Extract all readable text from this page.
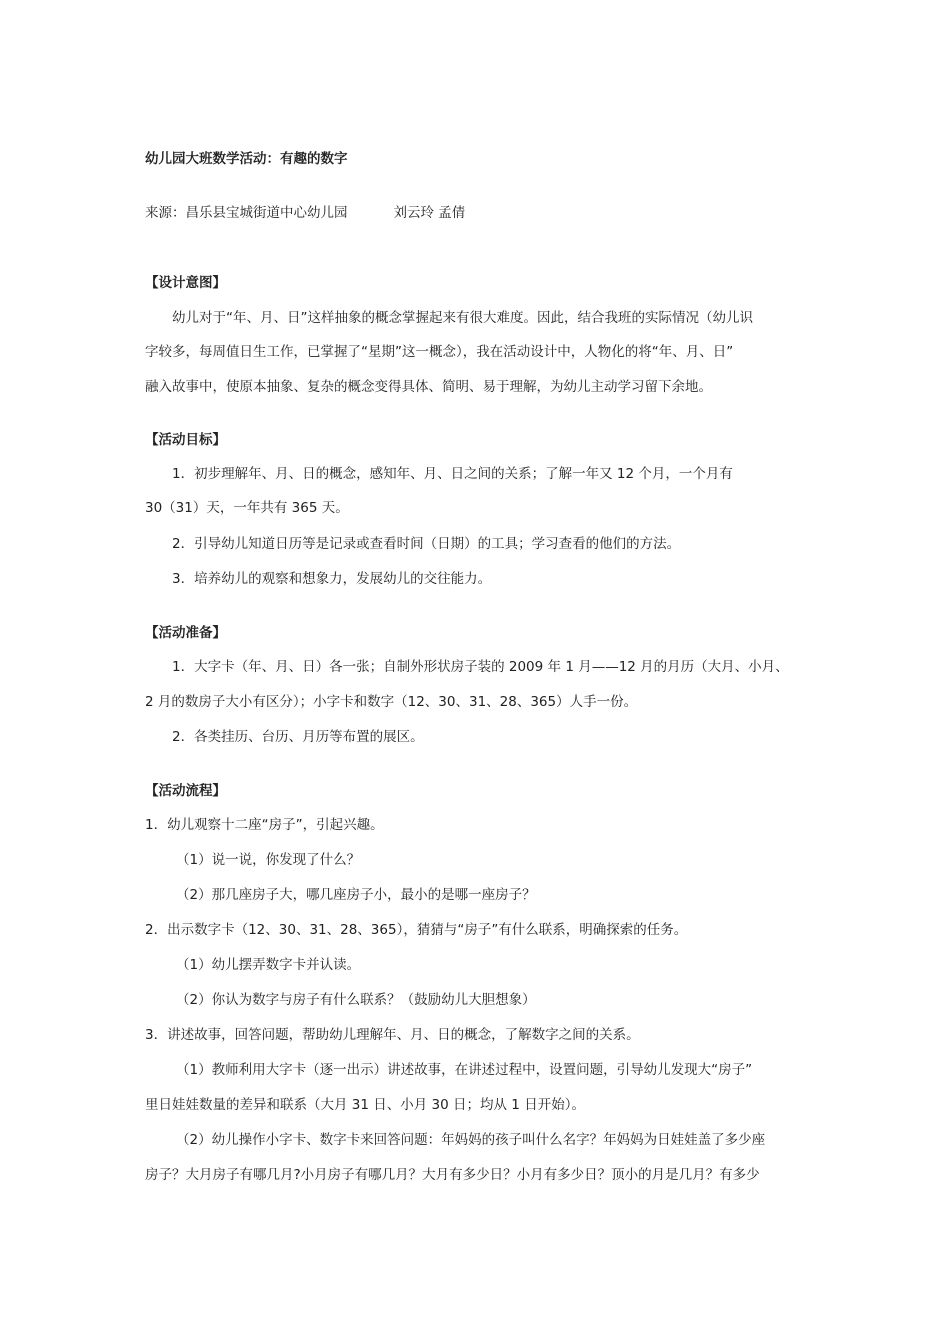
幼儿园大班数学活动：有趣的数字
来源：昌乐县宝城街道中心幼儿园	刘云玲 孟倩
【设计意图】
幼儿对于“年、月、日”这样抽象的概念掌握起来有很大难度。因此，结合我班的实际情况（幼儿识
字较多，每周值日生工作，已掌握了“星期”这一概念），我在活动设计中，人物化的将“年、月、日”
融入故事中，使原本抽象、复杂的概念变得具体、简明、易于理解，为幼儿主动学习留下余地。
【活动目标】
1．初步理解年、月、日的概念，感知年、月、日之间的关系；了解一年又 12 个月，一个月有
30（31）天，一年共有 365 天。
2．引导幼儿知道日历等是记录或查看时间（日期）的工具；学习查看的他们的方法。
3．培养幼儿的观察和想象力，发展幼儿的交往能力。
【活动准备】
1．大字卡（年、月、日）各一张；自制外形状房子装的 2009 年 1 月——12 月的月历（大月、小月、
2 月的数房子大小有区分）；小字卡和数字（12、30、31、28、365）人手一份。
2．各类挂历、台历、月历等布置的展区。
【活动流程】
1．幼儿观察十二座“房子”，引起兴趣。
（1）说一说，你发现了什么？
（2）那几座房子大，哪几座房子小，最小的是哪一座房子？
2．出示数字卡（12、30、31、28、365），猜猜与“房子”有什么联系，明确探索的任务。
（1）幼儿摆弄数字卡并认读。
（2）你认为数字与房子有什么联系？（鼓励幼儿大胆想象）
3．讲述故事，回答问题，帮助幼儿理解年、月、日的概念，了解数字之间的关系。
（1）教师利用大字卡（逐一出示）讲述故事，在讲述过程中，设置问题，引导幼儿发现大“房子”
里日娃娃数量的差异和联系（大月 31 日、小月 30 日；均从 1 日开始）。
（2）幼儿操作小字卡、数字卡来回答问题：年妈妈的孩子叫什么名字？年妈妈为日娃娃盖了多少座
房子？大月房子有哪几月?小月房子有哪几月？大月有多少日？小月有多少日？顶小的月是几月？有多少
